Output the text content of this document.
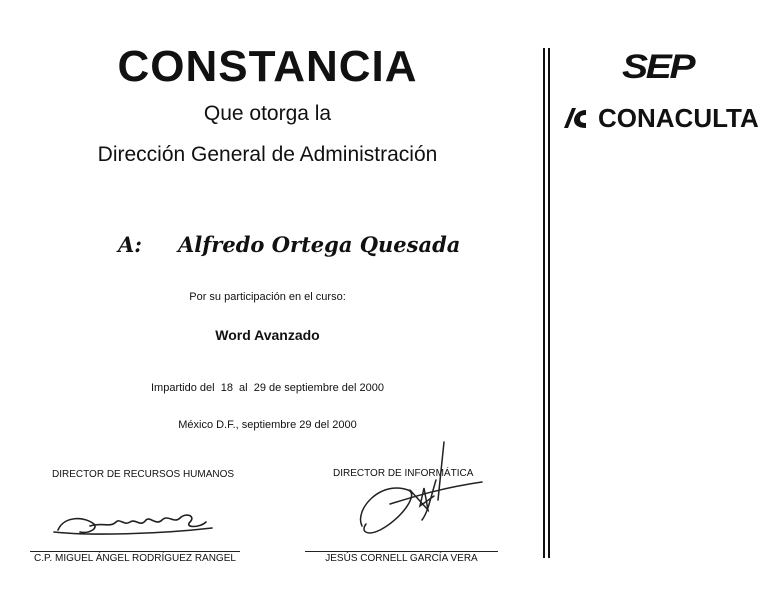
CONSTANCIA
Que otorga la
Dirección General de Administración
A: Alfredo Ortega Quesada
Por su participación en el curso:
Word Avanzado
Impartido del  18  al  29 de septiembre del 2000
México D.F., septiembre 29 del 2000
DIRECTOR DE RECURSOS HUMANOS
C.P. MIGUEL ÁNGEL RODRÍGUEZ RANGEL
DIRECTOR DE INFORMÁTICA
JESÚS CORNELL GARCÍA VERA
SEP
CONACULTA
